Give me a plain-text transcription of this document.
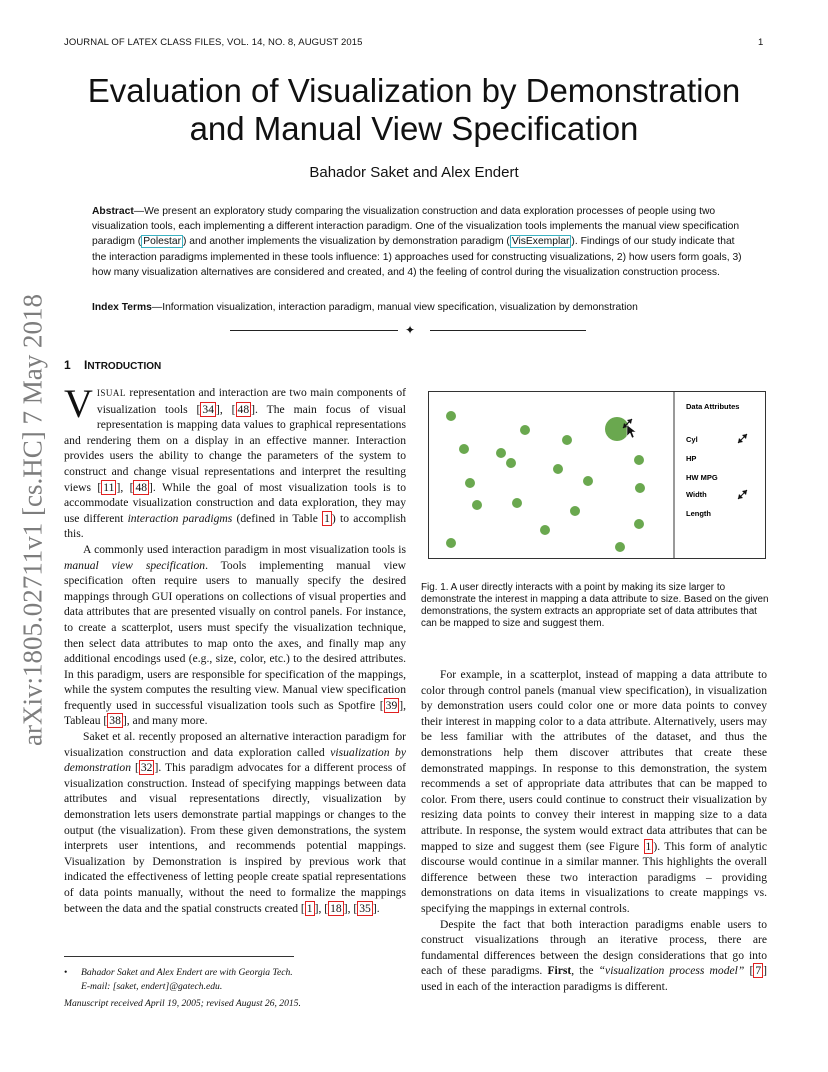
JOURNAL OF LATEX CLASS FILES, VOL. 14, NO. 8, AUGUST 2015	1
Evaluation of Visualization by Demonstration
and Manual View Specification
Bahador Saket and Alex Endert
Abstract—We present an exploratory study comparing the visualization construction and data exploration processes of people using two visualization tools, each implementing a different interaction paradigm. One of the visualization tools implements the manual view specification paradigm ( Polestar ) and another implements the visualization by demonstration paradigm ( VisExemplar ). Findings of our study indicate that the interaction paradigms implemented in these tools influence: 1) approaches used for constructing visualizations, 2) how users form goals, 3) how many visualization alternatives are considered and created, and 4) the feeling of control during the visualization construction process.
Index Terms—Information visualization, interaction paradigm, manual view specification, visualization by demonstration
✦
arXiv:1805.02711v1 [cs.HC] 7 May 2018 1 INTRODUCTION

VISUAL representation and interaction are two main components of visualization tools [ 34 ], [ 48 ]. The main focus of visual representation is mapping data values to graphical representations and rendering them on a display in an effective manner. Interaction provides users the ability to change the parameters of the system to construct and change visual representations and interpret the resulting views [ 11 ], [ 48 ]. While the goal of most visualization tools is to accommodate visualization construction and data exploration, they may use different interaction paradigms (defined in Table 1 ) to accomplish this.

A commonly used interaction paradigm in most visualization tools is manual view specification. Tools implementing manual view specification often require users to manually specify the desired mappings through GUI operations on collections of visual properties and data attributes that are presented visually on control panels. For instance, to create a scatterplot, users must specify the visualization technique, then select data attributes to map onto the axes, and finally map any additional encodings used (e.g., size, color, etc.) to the desired attributes. In this paradigm, users are responsible for specification of the mappings, while the system computes the resulting view. Manual view specification frequently used in successful visualization tools such as Spotfire [ 39 ], Tableau [ 38 ], and many more.

Saket et al. recently proposed an alternative interaction paradigm for visualization construction and data exploration called visualization by demonstration [ 32 ]. This paradigm advocates for a different process of visualization construction. Instead of specifying mappings between data attributes and visual representations directly, visualization by demonstration lets users demonstrate partial mappings or changes to the output (the visualization). From these given demonstrations, the system interprets user intentions, and recommends potential mappings. Visualization by Demonstration is inspired by previous work that indicated the effectiveness of letting people create spatial representations of data points manually, without the need to formalize the mappings between the data and the spatial constructs created [ 1 ], [ 18 ], [ 35 ].

• Bahador Saket and Alex Endert are with Georgia Tech.
E-mail: [saket, endert]@gatech.edu.
Manuscript received April 19, 2005; revised August 26, 2015.
Data Attributes
Cyl
HP
HW MPG
Width
Length
Fig. 1. A user directly interacts with a point by making its size larger to demonstrate the interest in mapping a data attribute to size. Based on the given demonstrations, the system extracts an appropriate set of data attributes that can be mapped to size and suggest them.

For example, in a scatterplot, instead of mapping a data attribute to color through control panels (manual view specification), in visualization by demonstration users could color one or more data points to convey their interest in mapping color to a data attribute. Alternatively, users may be less familiar with the attributes of the dataset, and thus the demonstrations help them discover attributes that create these demonstrated mappings. In response to this demonstration, the system recommends a set of appropriate data attributes that can be mapped to color. From there, users could continue to construct their visualization by resizing data points to convey their interest in mapping size to a data attribute. In response, the system would extract data attributes that can be mapped to size and suggest them (see Figure 1 ). This form of analytic discourse would continue in a similar manner. This highlights the overall difference between these two interaction paradigms – providing demonstrations on data items in visualizations to create mappings vs. specifying the mappings in external controls.

Despite the fact that both interaction paradigms enable users to construct visualizations through an iterative process, there are fundamental differences between the design considerations that go into each of these paradigms. First, the “visualization process model” [ 7 ] used in each of the interaction paradigms is different.
